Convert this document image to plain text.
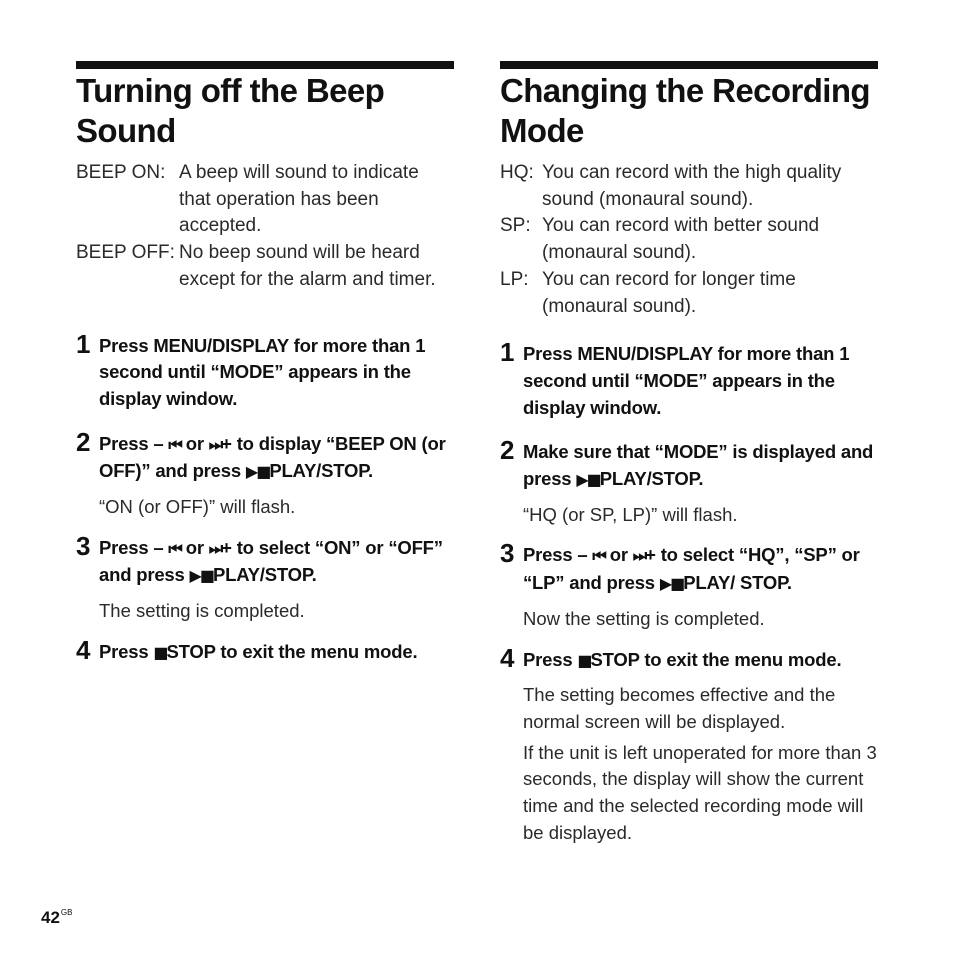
Turning off the Beep Sound
BEEP ON: A beep will sound to indicate that operation has been accepted.
BEEP OFF: No beep sound will be heard except for the alarm and timer.
1 Press MENU/DISPLAY for more than 1 second until “MODE” appears in the display window.
2 Press – ⏮ or ⏭+ to display “BEEP ON (or OFF)” and press ▶■PLAY/STOP.
“ON (or OFF)” will flash.
3 Press – ⏮ or ⏭+ to select “ON” or “OFF” and press ▶■PLAY/STOP.
The setting is completed.
4 Press ■STOP to exit the menu mode.
Changing the Recording Mode
HQ: You can record with the high quality sound (monaural sound).
SP: You can record with better sound (monaural sound).
LP: You can record for longer time (monaural sound).
1 Press MENU/DISPLAY for more than 1 second until “MODE” appears in the display window.
2 Make sure that “MODE” is displayed and press ▶■PLAY/STOP.
“HQ (or SP, LP)” will flash.
3 Press – ⏮ or ⏭+ to select “HQ”, “SP” or “LP” and press ▶■PLAY/ STOP.
Now the setting is completed.
4 Press ■STOP to exit the menu mode.
The setting becomes effective and the normal screen will be displayed.
If the unit is left unoperated for more than 3 seconds, the display will show the current time and the selected recording mode will be displayed.
$42^{GB}$
